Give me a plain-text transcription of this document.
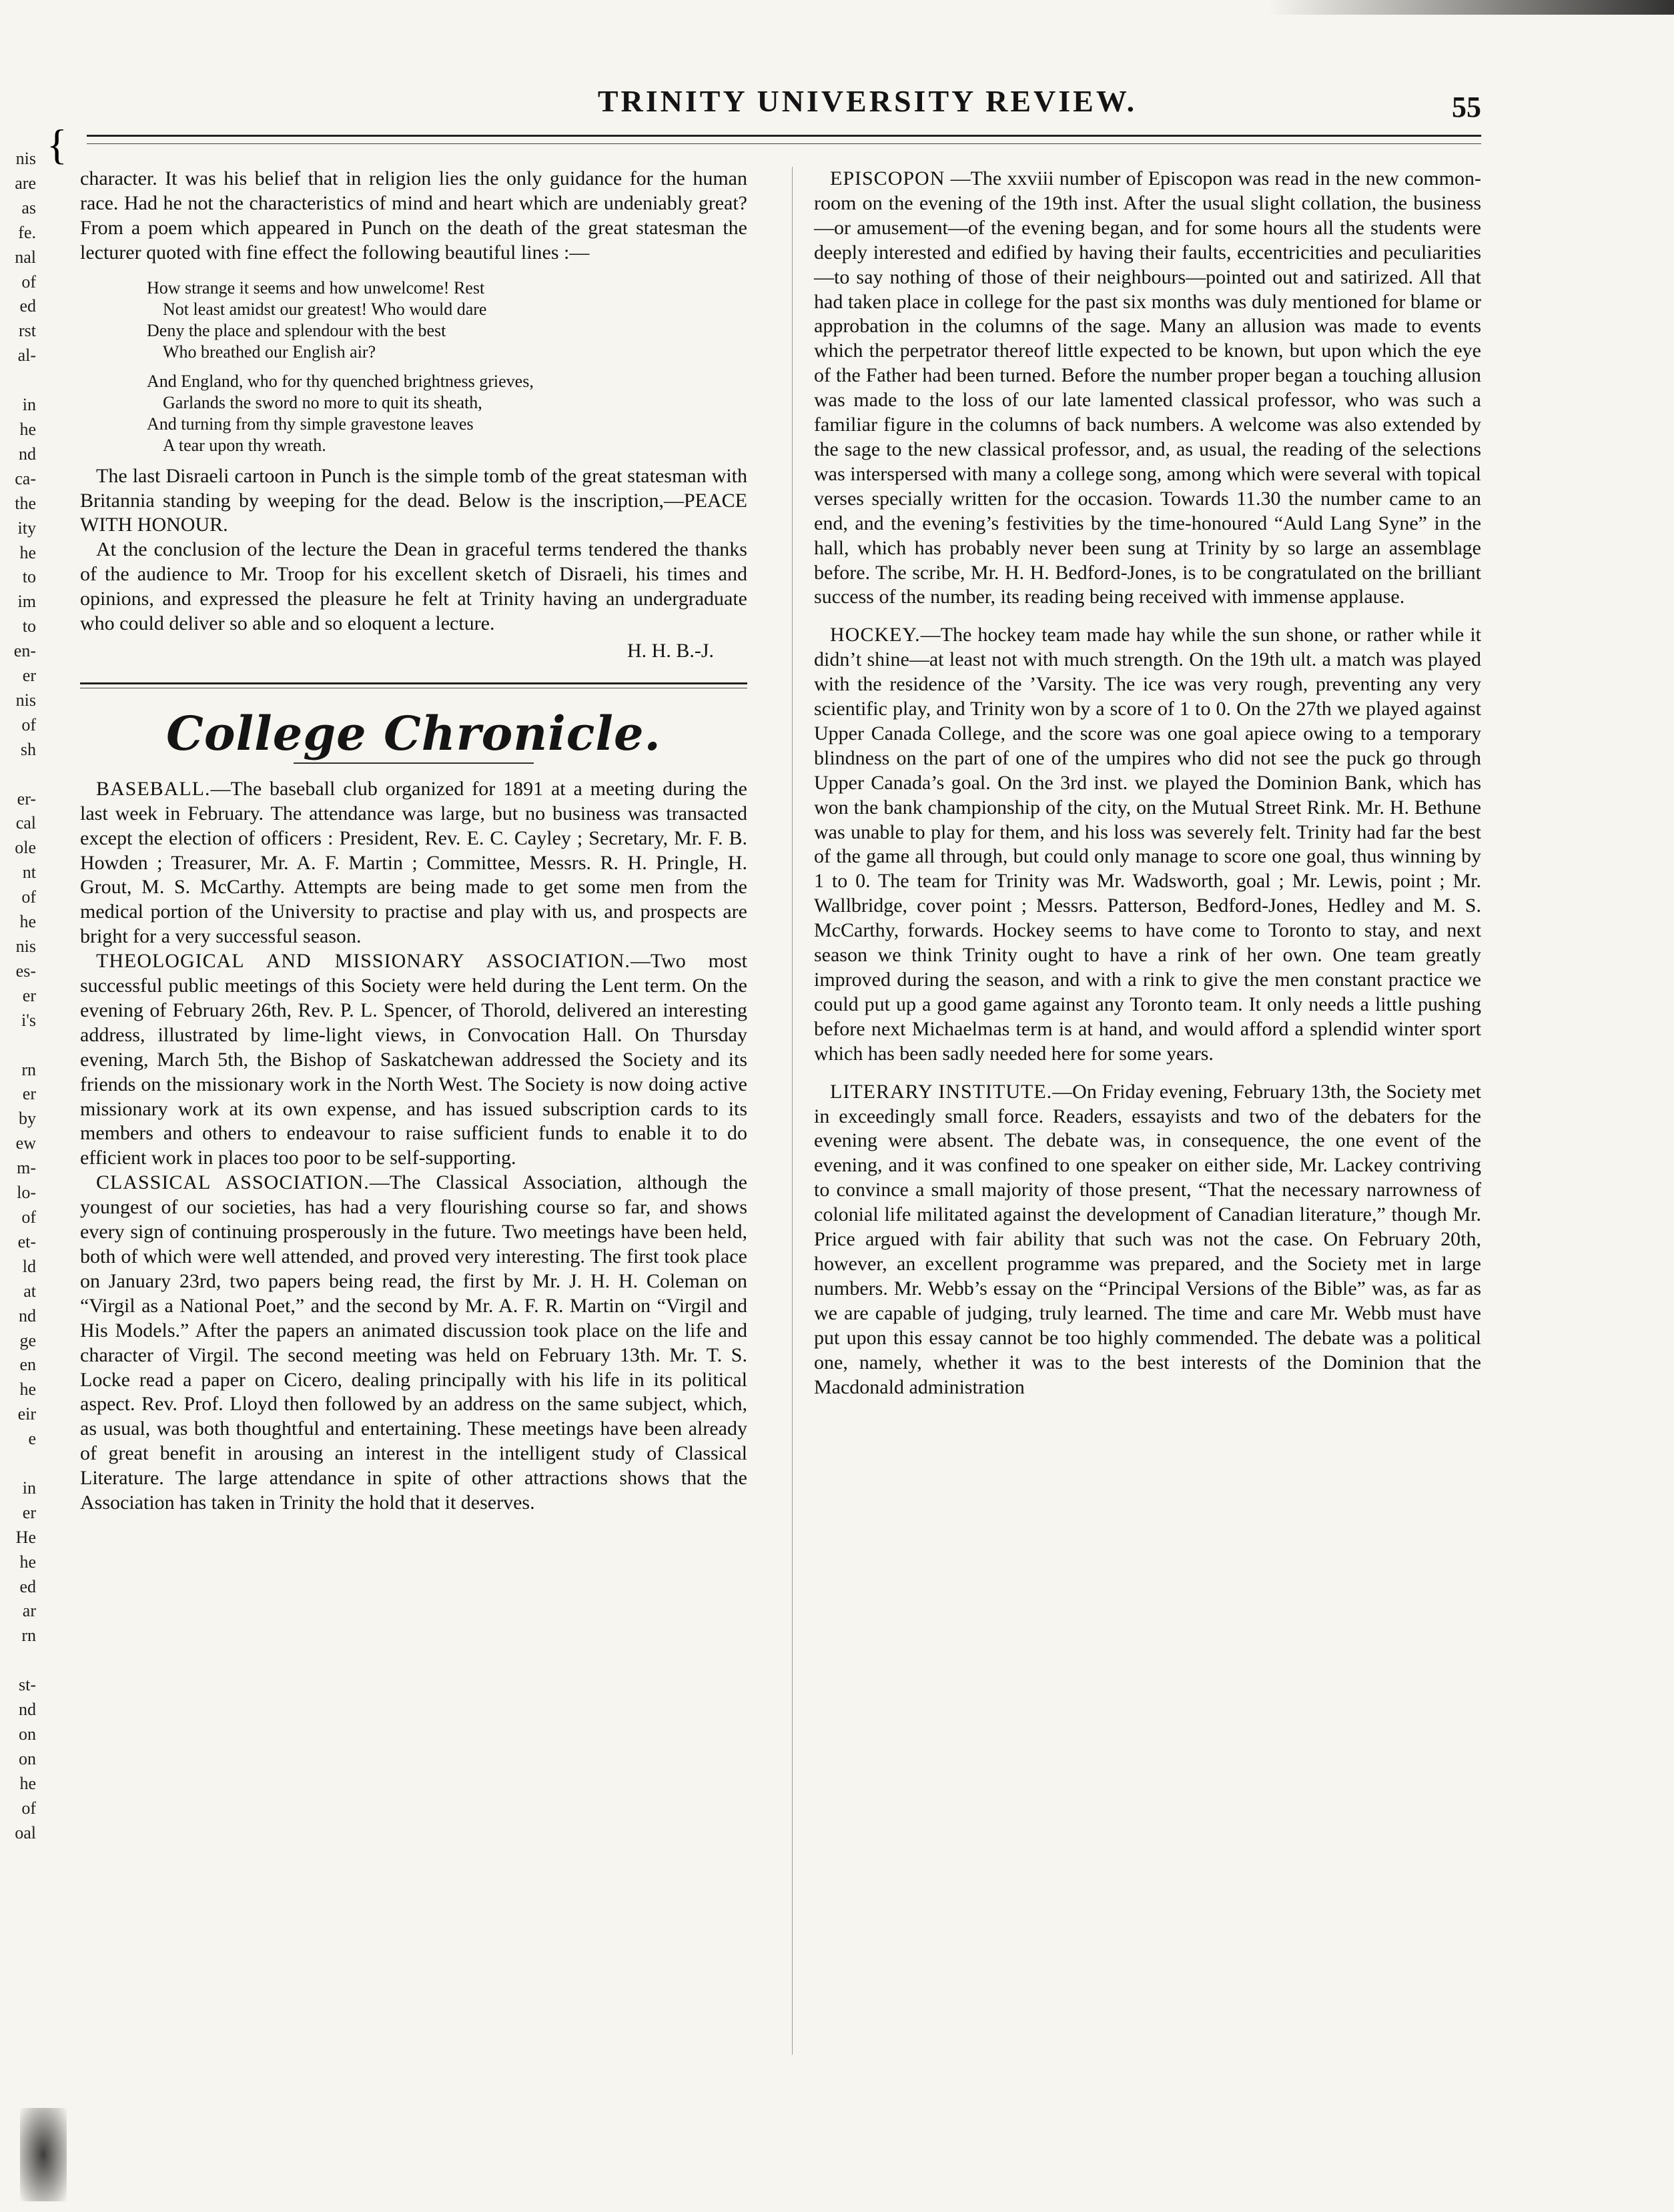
nis
are
as
fe.
nal
of
ed
rst
al-

in
he
nd
ca-
the
ity
he
to
im
to
en-
er
nis
of
sh

er-
cal
ole
nt
of
he
nis
es-
er
i's

rn
er
by
ew
m-
lo-
of
et-
ld
at
nd
ge
en
he
eir
e

in
er
He
he
ed
ar
rn

st-
nd
on
on
he
of
oal
{
TRINITY UNIVERSITY REVIEW.	55

character. It was his belief that in religion lies the only guidance for the human race. Had he not the characteristics of mind and heart which are undeniably great? From a poem which appeared in Punch on the death of the great statesman the lecturer quoted with fine effect the following beautiful lines :—

How strange it seems and how unwelcome! Rest
Not least amidst our greatest! Who would dare
Deny the place and splendour with the best
Who breathed our English air?
And England, who for thy quenched brightness grieves,
Garlands the sword no more to quit its sheath,
And turning from thy simple gravestone leaves
A tear upon thy wreath.

The last Disraeli cartoon in Punch is the simple tomb of the great statesman with Britannia standing by weeping for the dead. Below is the inscription,—PEACE WITH HONOUR.

At the conclusion of the lecture the Dean in graceful terms tendered the thanks of the audience to Mr. Troop for his excellent sketch of Disraeli, his times and opinions, and expressed the pleasure he felt at Trinity having an undergraduate who could deliver so able and so eloquent a lecture.

H. H. B.-J.

College Chronicle.

BASEBALL.—The baseball club organized for 1891 at a meeting during the last week in February. The attendance was large, but no business was transacted except the election of officers : President, Rev. E. C. Cayley ; Secretary, Mr. F. B. Howden ; Treasurer, Mr. A. F. Martin ; Committee, Messrs. R. H. Pringle, H. Grout, M. S. McCarthy. Attempts are being made to get some men from the medical portion of the University to practise and play with us, and prospects are bright for a very successful season.

THEOLOGICAL AND MISSIONARY ASSOCIATION.—Two most successful public meetings of this Society were held during the Lent term. On the evening of February 26th, Rev. P. L. Spencer, of Thorold, delivered an interesting address, illustrated by lime-light views, in Convocation Hall. On Thursday evening, March 5th, the Bishop of Saskatchewan addressed the Society and its friends on the missionary work in the North West. The Society is now doing active missionary work at its own expense, and has issued subscription cards to its members and others to endeavour to raise sufficient funds to enable it to do efficient work in places too poor to be self-supporting.

CLASSICAL ASSOCIATION.—The Classical Association, although the youngest of our societies, has had a very flourishing course so far, and shows every sign of continuing prosperously in the future. Two meetings have been held, both of which were well attended, and proved very interesting. The first took place on January 23rd, two papers being read, the first by Mr. J. H. H. Coleman on “Virgil as a National Poet,” and the second by Mr. A. F. R. Martin on “Virgil and His Models.” After the papers an animated discussion took place on the life and character of Virgil. The second meeting was held on February 13th. Mr. T. S. Locke read a paper on Cicero, dealing principally with his life in its political aspect. Rev. Prof. Lloyd then followed by an address on the same subject, which, as usual, was both thoughtful and entertaining. These meetings have been already of great benefit in arousing an interest in the intelligent study of Classical Literature. The large attendance in spite of other attractions shows that the Association has taken in Trinity the hold that it deserves.

EPISCOPON —The xxviii number of Episcopon was read in the new common-room on the evening of the 19th inst. After the usual slight collation, the business—or amusement—of the evening began, and for some hours all the students were deeply interested and edified by having their faults, eccentricities and peculiarities—to say nothing of those of their neighbours—pointed out and satirized. All that had taken place in college for the past six months was duly mentioned for blame or approbation in the columns of the sage. Many an allusion was made to events which the perpetrator thereof little expected to be known, but upon which the eye of the Father had been turned. Before the number proper began a touching allusion was made to the loss of our late lamented classical professor, who was such a familiar figure in the columns of back numbers. A welcome was also extended by the sage to the new classical professor, and, as usual, the reading of the selections was interspersed with many a college song, among which were several with topical verses specially written for the occasion. Towards 11.30 the number came to an end, and the evening’s festivities by the time-honoured “Auld Lang Syne” in the hall, which has probably never been sung at Trinity by so large an assemblage before. The scribe, Mr. H. H. Bedford-Jones, is to be congratulated on the brilliant success of the number, its reading being received with immense applause.

HOCKEY.—The hockey team made hay while the sun shone, or rather while it didn’t shine—at least not with much strength. On the 19th ult. a match was played with the residence of the ’Varsity. The ice was very rough, preventing any very scientific play, and Trinity won by a score of 1 to 0. On the 27th we played against Upper Canada College, and the score was one goal apiece owing to a temporary blindness on the part of one of the umpires who did not see the puck go through Upper Canada’s goal. On the 3rd inst. we played the Dominion Bank, which has won the bank championship of the city, on the Mutual Street Rink. Mr. H. Bethune was unable to play for them, and his loss was severely felt. Trinity had far the best of the game all through, but could only manage to score one goal, thus winning by 1 to 0. The team for Trinity was Mr. Wadsworth, goal ; Mr. Lewis, point ; Mr. Wallbridge, cover point ; Messrs. Patterson, Bedford-Jones, Hedley and M. S. McCarthy, forwards. Hockey seems to have come to Toronto to stay, and next season we think Trinity ought to have a rink of her own. One team greatly improved during the season, and with a rink to give the men constant practice we could put up a good game against any Toronto team. It only needs a little pushing before next Michaelmas term is at hand, and would afford a splendid winter sport which has been sadly needed here for some years.

LITERARY INSTITUTE.—On Friday evening, February 13th, the Society met in exceedingly small force. Readers, essayists and two of the debaters for the evening were absent. The debate was, in consequence, the one event of the evening, and it was confined to one speaker on either side, Mr. Lackey contriving to convince a small majority of those present, “That the necessary narrowness of colonial life militated against the development of Canadian literature,” though Mr. Price argued with fair ability that such was not the case. On February 20th, however, an excellent programme was prepared, and the Society met in large numbers. Mr. Webb’s essay on the “Principal Versions of the Bible” was, as far as we are capable of judging, truly learned. The time and care Mr. Webb must have put upon this essay cannot be too highly commended. The debate was a political one, namely, whether it was to the best interests of the Dominion that the Macdonald administration
